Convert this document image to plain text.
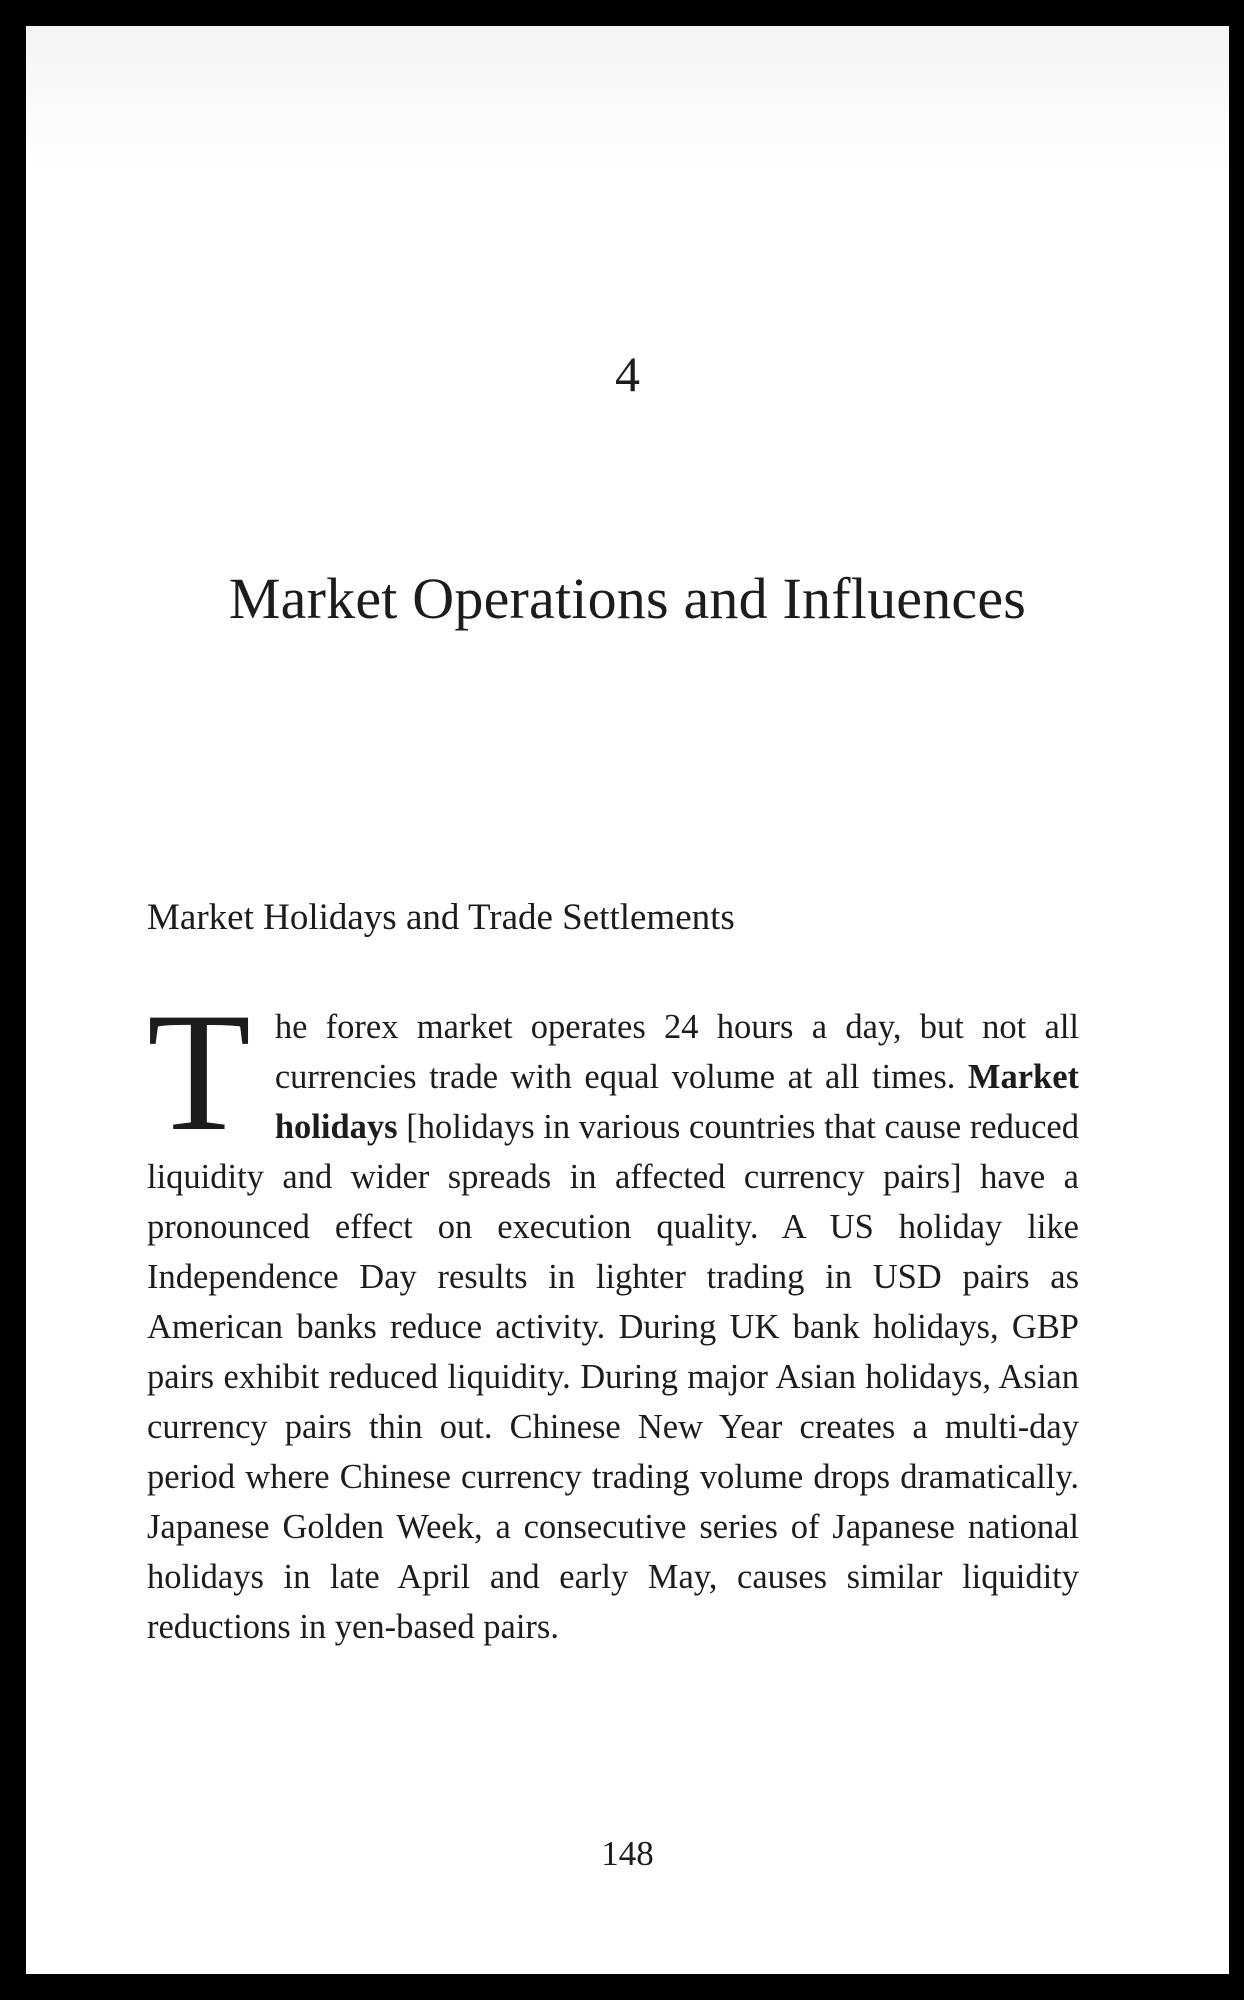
4
Market Operations and Influences
Market Holidays and Trade Settlements

The forex market operates 24 hours a day, but not all currencies trade with equal volume at all times. Market holidays [holidays in various countries that cause reduced liquidity and wider spreads in affected currency pairs] have a pronounced effect on execution quality. A US holiday like Independence Day results in lighter trading in USD pairs as American banks reduce activity. During UK bank holidays, GBP pairs exhibit reduced liquidity. During major Asian holidays, Asian currency pairs thin out. Chinese New Year creates a multi-day period where Chinese currency trading volume drops dramatically. Japanese Golden Week, a consecutive series of Japanese national holidays in late April and early May, causes similar liquidity reductions in yen-based pairs.

148
